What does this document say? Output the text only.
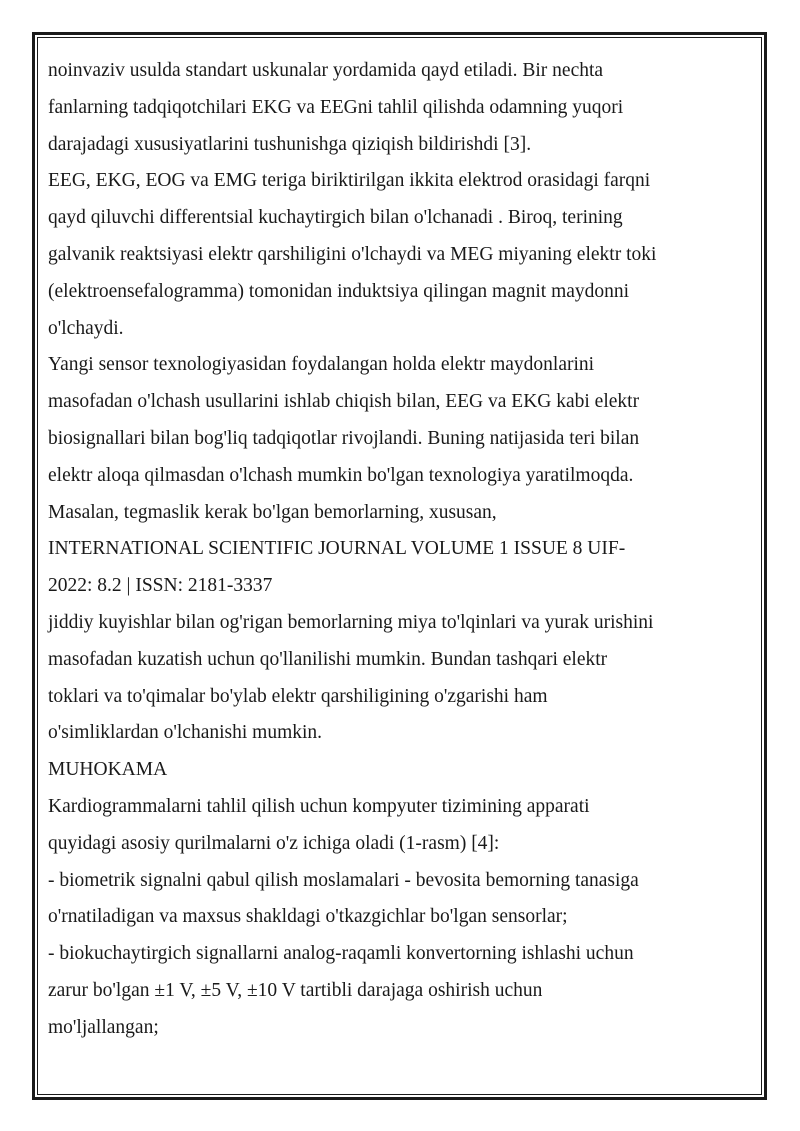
noinvaziv usulda standart uskunalar yordamida qayd etiladi. Bir nechta
fanlarning tadqiqotchilari EKG va EEGni tahlil qilishda odamning yuqori
darajadagi xususiyatlarini tushunishga qiziqish bildirishdi [3].
EEG, EKG, EOG va EMG teriga biriktirilgan ikkita elektrod orasidagi farqni
qayd qiluvchi differentsial kuchaytirgich bilan o'lchanadi . Biroq, terining
galvanik reaktsiyasi elektr qarshiligini o'lchaydi va MEG miyaning elektr toki
(elektroensefalogramma) tomonidan induktsiya qilingan magnit maydonni
o'lchaydi.
Yangi sensor texnologiyasidan foydalangan holda elektr maydonlarini
masofadan o'lchash usullarini ishlab chiqish bilan, EEG va EKG kabi elektr
biosignallari bilan bog'liq tadqiqotlar rivojlandi. Buning natijasida teri bilan
elektr aloqa qilmasdan o'lchash mumkin bo'lgan texnologiya yaratilmoqda.
Masalan, tegmaslik kerak bo'lgan bemorlarning, xususan,
INTERNATIONAL SCIENTIFIC JOURNAL VOLUME 1 ISSUE 8 UIF-
2022: 8.2 | ISSN: 2181-3337
jiddiy kuyishlar bilan og'rigan bemorlarning miya to'lqinlari va yurak urishini
masofadan kuzatish uchun qo'llanilishi mumkin. Bundan tashqari elektr
toklari va to'qimalar bo'ylab elektr qarshiligining o'zgarishi ham
o'simliklardan o'lchanishi mumkin.
MUHOKAMA
Kardiogrammalarni tahlil qilish uchun kompyuter tizimining apparati
quyidagi asosiy qurilmalarni o'z ichiga oladi (1-rasm) [4]:
- biometrik signalni qabul qilish moslamalari - bevosita bemorning tanasiga
o'rnatiladigan va maxsus shakldagi o'tkazgichlar bo'lgan sensorlar;
- biokuchaytirgich signallarni analog-raqamli konvertorning ishlashi uchun
zarur bo'lgan ±1 V, ±5 V, ±10 V tartibli darajaga oshirish uchun
mo'ljallangan;
